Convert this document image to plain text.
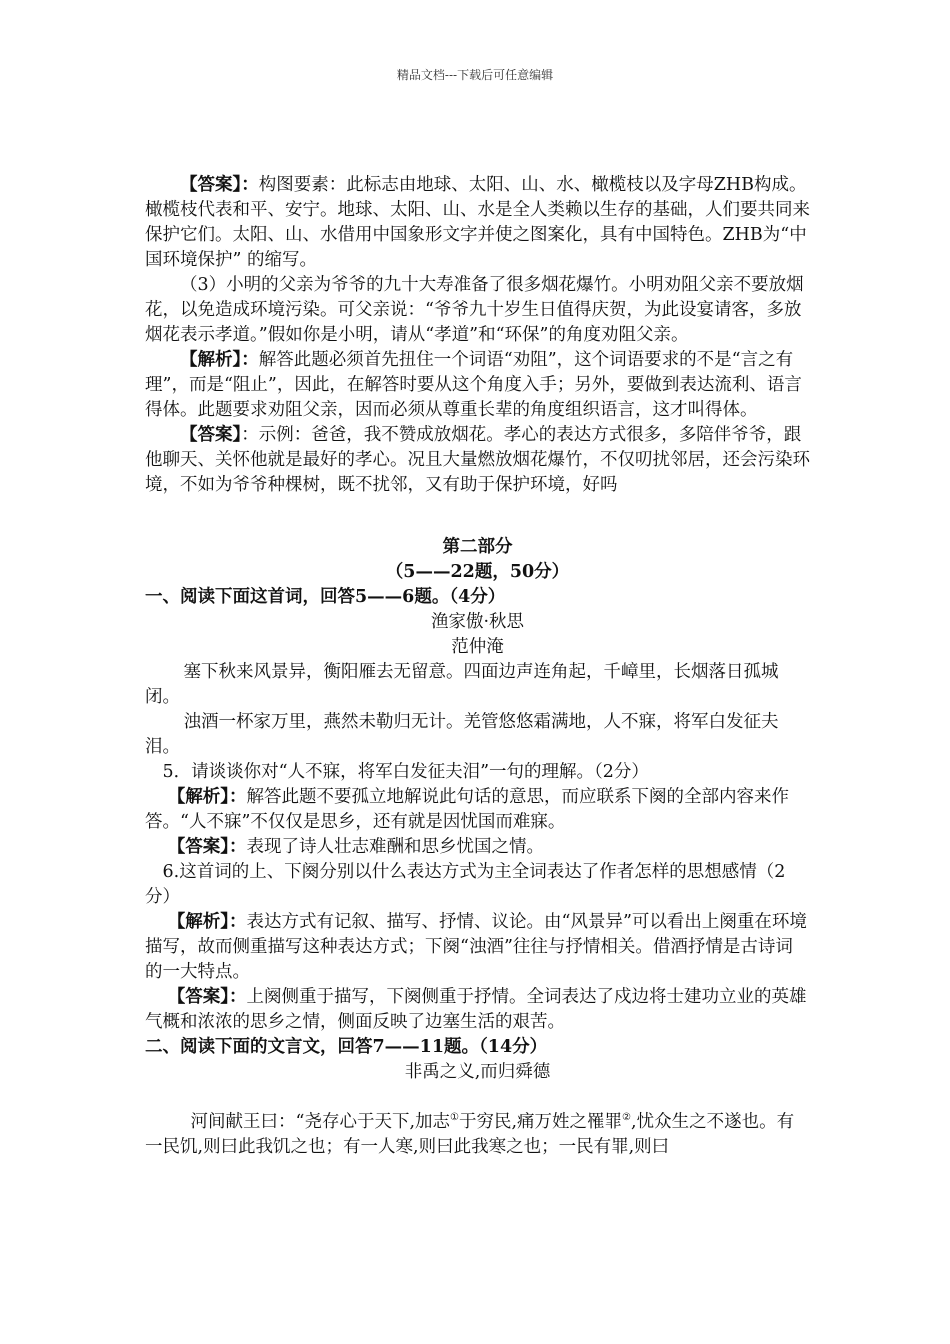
精品文档---下载后可任意编辑

【答案】：构图要素：此标志由地球、太阳、山、水、橄榄枝以及字母ZHB构成。橄榄枝代表和平、安宁。地球、太阳、山、水是全人类赖以生存的基础，人们要共同来保护它们。太阳、山、水借用中国象形文字并使之图案化，具有中国特色。ZHB为“中国环境保护” 的缩写。

（3）小明的父亲为爷爷的九十大寿准备了很多烟花爆竹。小明劝阻父亲不要放烟花，以免造成环境污染。可父亲说：“爷爷九十岁生日值得庆贺，为此设宴请客，多放烟花表示孝道。”假如你是小明，请从“孝道”和“环保”的角度劝阻父亲。

【解析】：解答此题必须首先扭住一个词语“劝阻”，这个词语要求的不是“言之有理”，而是“阻止”，因此，在解答时要从这个角度入手；另外，要做到表达流利、语言得体。此题要求劝阻父亲，因而必须从尊重长辈的角度组织语言，这才叫得体。

【答案】：示例：爸爸，我不赞成放烟花。孝心的表达方式很多，多陪伴爷爷，跟他聊天、关怀他就是最好的孝心。况且大量燃放烟花爆竹，不仅叨扰邻居，还会污染环境，不如为爷爷种棵树，既不扰邻，又有助于保护环境，好吗

第二部分

（5——22题，50分）

一、阅读下面这首词，回答5——6题。（4分）

渔家傲·秋思

范仲淹

塞下秋来风景异，衡阳雁去无留意。四面边声连角起，千嶂里，长烟落日孤城闭。

浊酒一杯家万里，燕然未勒归无计。羌管悠悠霜满地，人不寐，将军白发征夫泪。

5．请谈谈你对“人不寐，将军白发征夫泪”一句的理解。（2分）

【解析】：解答此题不要孤立地解说此句话的意思，而应联系下阕的全部内容来作答。“人不寐”不仅仅是思乡，还有就是因忧国而难寐。

【答案】：表现了诗人壮志难酬和思乡忧国之情。

6.这首词的上、下阕分别以什么表达方式为主全词表达了作者怎样的思想感情（2分）

【解析】：表达方式有记叙、描写、抒情、议论。由“风景异”可以看出上阕重在环境描写，故而侧重描写这种表达方式；下阕“浊酒”往往与抒情相关。借酒抒情是古诗词的一大特点。

【答案】：上阕侧重于描写，下阕侧重于抒情。全词表达了戍边将士建功立业的英雄气概和浓浓的思乡之情，侧面反映了边塞生活的艰苦。

二、阅读下面的文言文，回答7——11题。（14分）

非禹之义,而归舜德

河间献王曰：“尧存心于天下,加志①于穷民,痛万姓之罹罪②,忧众生之不遂也。有一民饥,则曰此我饥之也；有一人寒,则曰此我寒之也；一民有罪,则曰
